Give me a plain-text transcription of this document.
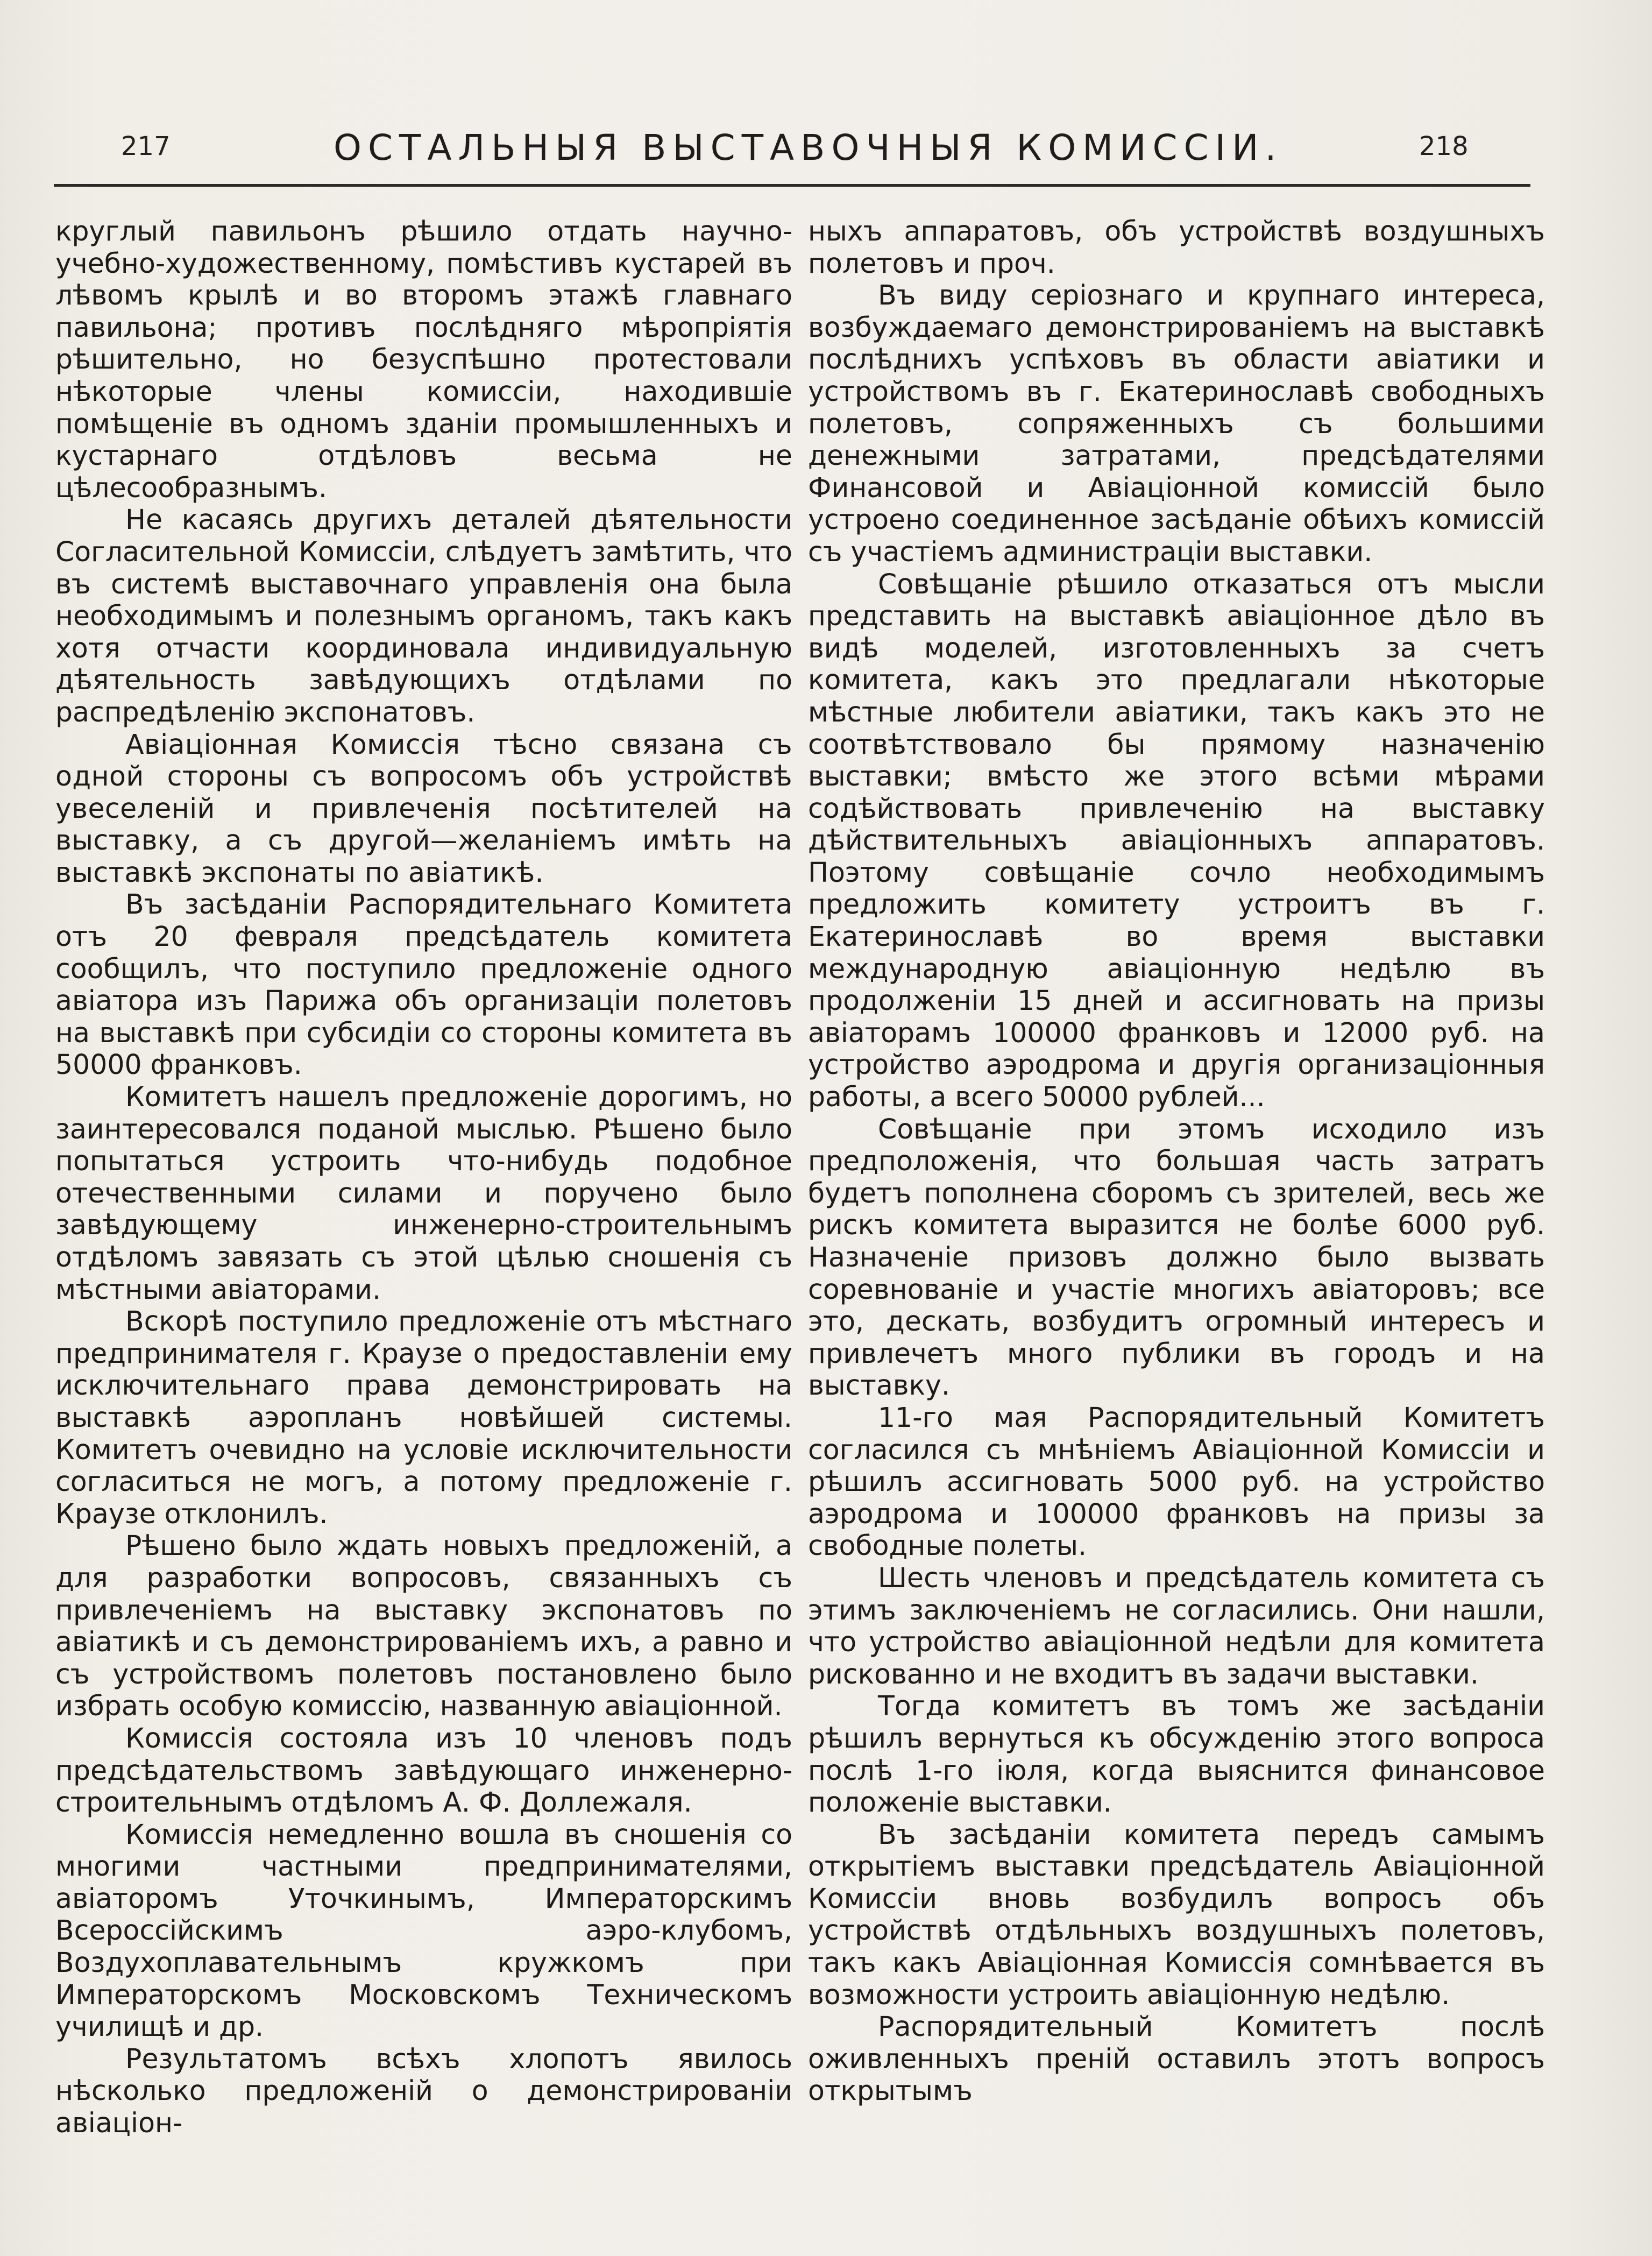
217	ОСТАЛЬНЫЯ ВЫСТАВОЧНЫЯ КОМИССІИ.	218

круглый павильонъ рѣшило отдать научно-учебно-художественному, помѣстивъ кустарей въ лѣвомъ крылѣ и во второмъ этажѣ главнаго павильона; противъ послѣдняго мѣропріятія рѣшительно, но безуспѣшно протестовали нѣкоторые члены комиссіи, находившіе помѣщеніе въ одномъ зданіи промышленныхъ и кустарнаго отдѣловъ весьма не цѣлесообразнымъ.

Не касаясь другихъ деталей дѣятельности Согласительной Комиссіи, слѣдуетъ замѣтить, что въ системѣ выставочнаго управленія она была необходимымъ и полезнымъ органомъ, такъ какъ хотя отчасти координовала индивидуальную дѣятельность завѣдующихъ отдѣлами по распредѣленію экспонатовъ.

Авіаціонная Комиссія тѣсно связана съ одной стороны съ вопросомъ объ устройствѣ увеселеній и привлеченія посѣтителей на выставку, а съ другой—желаніемъ имѣть на выставкѣ экспонаты по авіатикѣ.

Въ засѣданіи Распорядительнаго Комитета отъ 20 февраля предсѣдатель комитета сообщилъ, что поступило предложеніе одного авіатора изъ Парижа объ организаціи полетовъ на выставкѣ при субсидіи со стороны комитета въ 50000 франковъ.

Комитетъ нашелъ предложеніе дорогимъ, но заинтересовался поданой мыслью. Рѣшено было попытаться устроить что-нибудь подобное отечественными силами и поручено было завѣдующему инженерно-строительнымъ отдѣломъ завязать съ этой цѣлью сношенія съ мѣстными авіаторами.

Вскорѣ поступило предложеніе отъ мѣстнаго предпринимателя г. Краузе о предоставленіи ему исключительнаго права демонстрировать на выставкѣ аэропланъ новѣйшей системы. Комитетъ очевидно на условіе исключительности согласиться не могъ, а потому предложеніе г. Краузе отклонилъ.

Рѣшено было ждать новыхъ предложеній, а для разработки вопросовъ, связанныхъ съ привлеченіемъ на выставку экспонатовъ по авіатикѣ и съ демонстрированіемъ ихъ, а равно и съ устройствомъ полетовъ постановлено было избрать особую комиссію, названную авіаціонной.

Комиссія состояла изъ 10 членовъ подъ предсѣдательствомъ завѣдующаго инженерно-строительнымъ отдѣломъ А. Ф. Доллежаля.

Комиссія немедленно вошла въ сношенія со многими частными предпринимателями, авіаторомъ Уточкинымъ, Императорскимъ Всероссійскимъ аэро-клубомъ, Воздухоплавательнымъ кружкомъ при Императорскомъ Московскомъ Техническомъ училищѣ и др.

Результатомъ всѣхъ хлопотъ явилось нѣсколько предложеній о демонстрированіи авіаціон-

ныхъ аппаратовъ, объ устройствѣ воздушныхъ полетовъ и проч.

Въ виду серіознаго и крупнаго интереса, возбуждаемаго демонстрированіемъ на выставкѣ послѣднихъ успѣховъ въ области авіатики и устройствомъ въ г. Екатеринославѣ свободныхъ полетовъ, сопряженныхъ съ большими денежными затратами, предсѣдателями Финансовой и Авіаціонной комиссій было устроено соединенное засѣданіе обѣихъ комиссій съ участіемъ администраціи выставки.

Совѣщаніе рѣшило отказаться отъ мысли представить на выставкѣ авіаціонное дѣло въ видѣ моделей, изготовленныхъ за счетъ комитета, какъ это предлагали нѣкоторые мѣстные любители авіатики, такъ какъ это не соотвѣтствовало бы прямому назначенію выставки; вмѣсто же этого всѣми мѣрами содѣйствовать привлеченію на выставку дѣйствительныхъ авіаціонныхъ аппаратовъ. Поэтому совѣщаніе сочло необходимымъ предложить комитету устроитъ въ г. Екатеринославѣ во время выставки международную авіаціонную недѣлю въ продолженіи 15 дней и ассигновать на призы авіаторамъ 100000 франковъ и 12000 руб. на устройство аэродрома и другія организаціонныя работы, а всего 50000 рублей...

Совѣщаніе при этомъ исходило изъ предположенія, что большая часть затратъ будетъ пополнена сборомъ съ зрителей, весь же рискъ комитета выразится не болѣе 6000 руб. Назначеніе призовъ должно было вызвать соревнованіе и участіе многихъ авіаторовъ; все это, дескать, возбудитъ огромный интересъ и привлечетъ много публики въ городъ и на выставку.

11-го мая Распорядительный Комитетъ согласился съ мнѣніемъ Авіаціонной Комиссіи и рѣшилъ ассигновать 5000 руб. на устройство аэродрома и 100000 франковъ на призы за свободные полеты.

Шесть членовъ и предсѣдатель комитета съ этимъ заключеніемъ не согласились. Они нашли, что устройство авіаціонной недѣли для комитета рискованно и не входитъ въ задачи выставки.

Тогда комитетъ въ томъ же засѣданіи рѣшилъ вернуться къ обсужденію этого вопроса послѣ 1-го іюля, когда выяснится финансовое положеніе выставки.

Въ засѣданіи комитета передъ самымъ открытіемъ выставки предсѣдатель Авіаціонной Комиссіи вновь возбудилъ вопросъ объ устройствѣ отдѣльныхъ воздушныхъ полетовъ, такъ какъ Авіаціонная Комиссія сомнѣвается въ возможности устроить авіаціонную недѣлю.

Распорядительный Комитетъ послѣ оживленныхъ преній оставилъ этотъ вопросъ открытымъ
